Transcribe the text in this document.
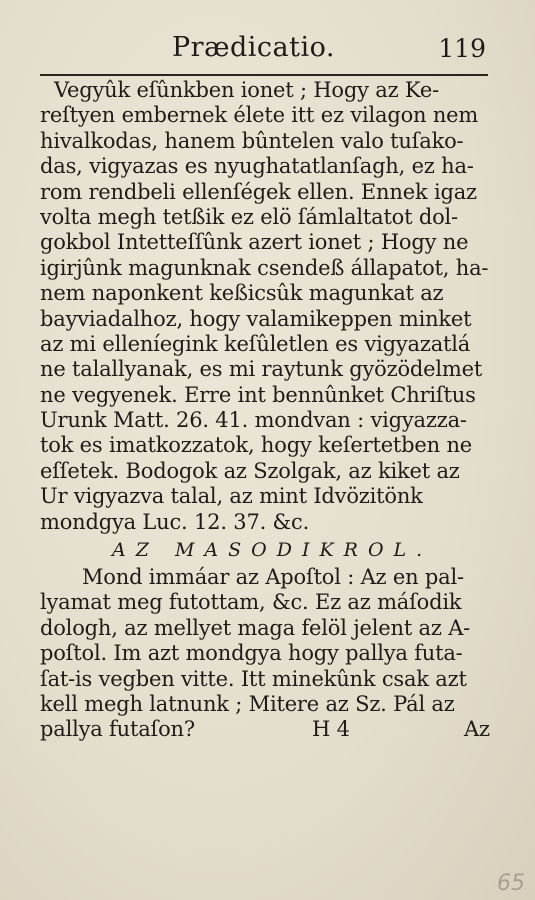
Prædicatio.	119
Vegyûk eſûnkben ionet ; Hogy az Ke-
reſtyen embernek élete itt ez vilagon nem
hivalkodas, hanem bûntelen valo tuſako-
das, vigyazas es nyughatatlanſagh, ez ha-
rom rendbeli ellenſégek ellen. Ennek igaz
volta megh tetßik ez elö ſámlaltatot dol-
gokbol Intetteſſûnk azert ionet ; Hogy ne
igirjûnk magunknak csendeß állapatot, ha-
nem naponkent keßicsûk magunkat az
bayviadalhoz, hogy valamikeppen minket
az mi elleníegink keſûletlen es vigyazatlá
ne talallyanak, es mi raytunk gyözödelmet
ne vegyenek. Erre int bennûnket Chriſtus
Urunk Matt. 26. 41. mondvan : vigyazza-
tok es imatkozzatok, hogy keſertetben ne
eſſetek. Bodogok az Szolgak, az kiket az
Ur vigyazva talal, az mint Idvözitönk
mondgya Luc. 12. 37. &c.
AZ MASODIKROL.
Mond immáar az Apoſtol : Az en pal-
lyamat meg futottam, &c. Ez az máſodik
dologh, az mellyet maga felöl jelent az A-
poſtol. Im azt mondgya hogy pallya futa-
ſat-is vegben vitte. Itt minekûnk csak azt
kell megh latnunk ; Mitere az Sz. Pál az
pallya futaſon?	H 4	Az
65
